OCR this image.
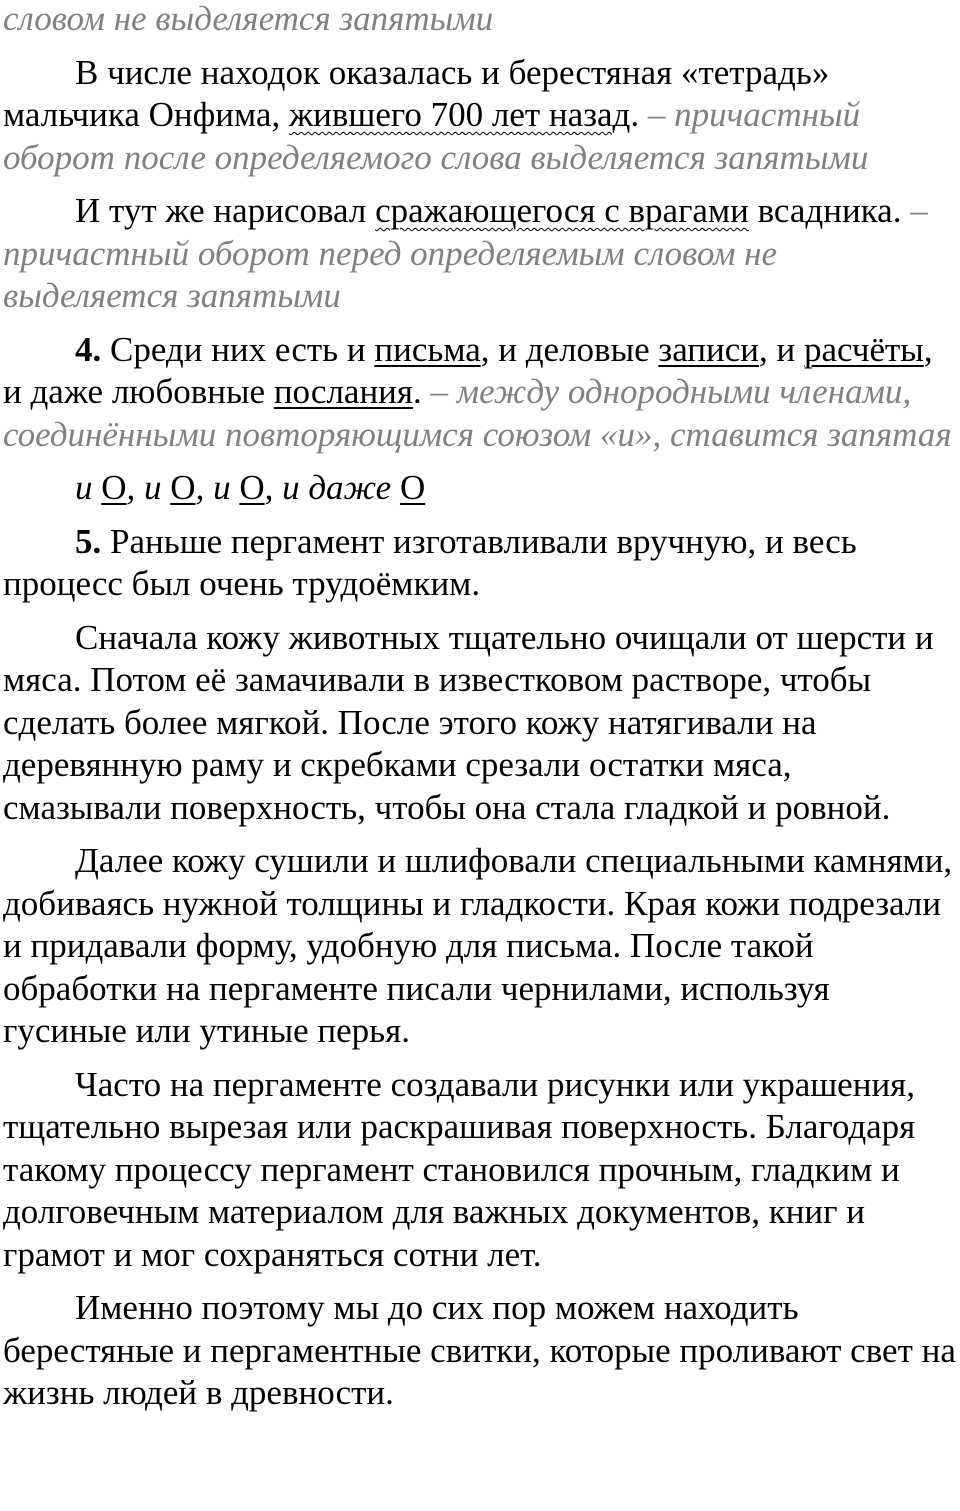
словом не выделяется запятыми

В числе находок оказалась и берестяная «тетрадь» мальчика Онфима, жившего 700 лет назад. – причастный оборот после определяемого слова выделяется запятыми

И тут же нарисовал сражающегося с врагами всадника. – причастный оборот перед определяемым словом не выделяется запятыми

4. Среди них есть и письма, и деловые записи, и расчёты, и даже любовные послания. – между однородными членами, соединёнными повторяющимся союзом «и», ставится запятая

и О, и О, и О, и даже О

5. Раньше пергамент изготавливали вручную, и весь процесс был очень трудоёмким.

Сначала кожу животных тщательно очищали от шерсти и мяса. Потом её замачивали в известковом растворе, чтобы сделать более мягкой. После этого кожу натягивали на деревянную раму и скребками срезали остатки мяса, смазывали поверхность, чтобы она стала гладкой и ровной.

Далее кожу сушили и шлифовали специальными камнями, добиваясь нужной толщины и гладкости. Края кожи подрезали и придавали форму, удобную для письма. После такой обработки на пергаменте писали чернилами, используя гусиные или утиные перья.

Часто на пергаменте создавали рисунки или украшения, тщательно вырезая или раскрашивая поверхность. Благодаря такому процессу пергамент становился прочным, гладким и долговечным материалом для важных документов, книг и грамот и мог сохраняться сотни лет.

Именно поэтому мы до сих пор можем находить берестяные и пергаментные свитки, которые проливают свет на жизнь людей в древности.
